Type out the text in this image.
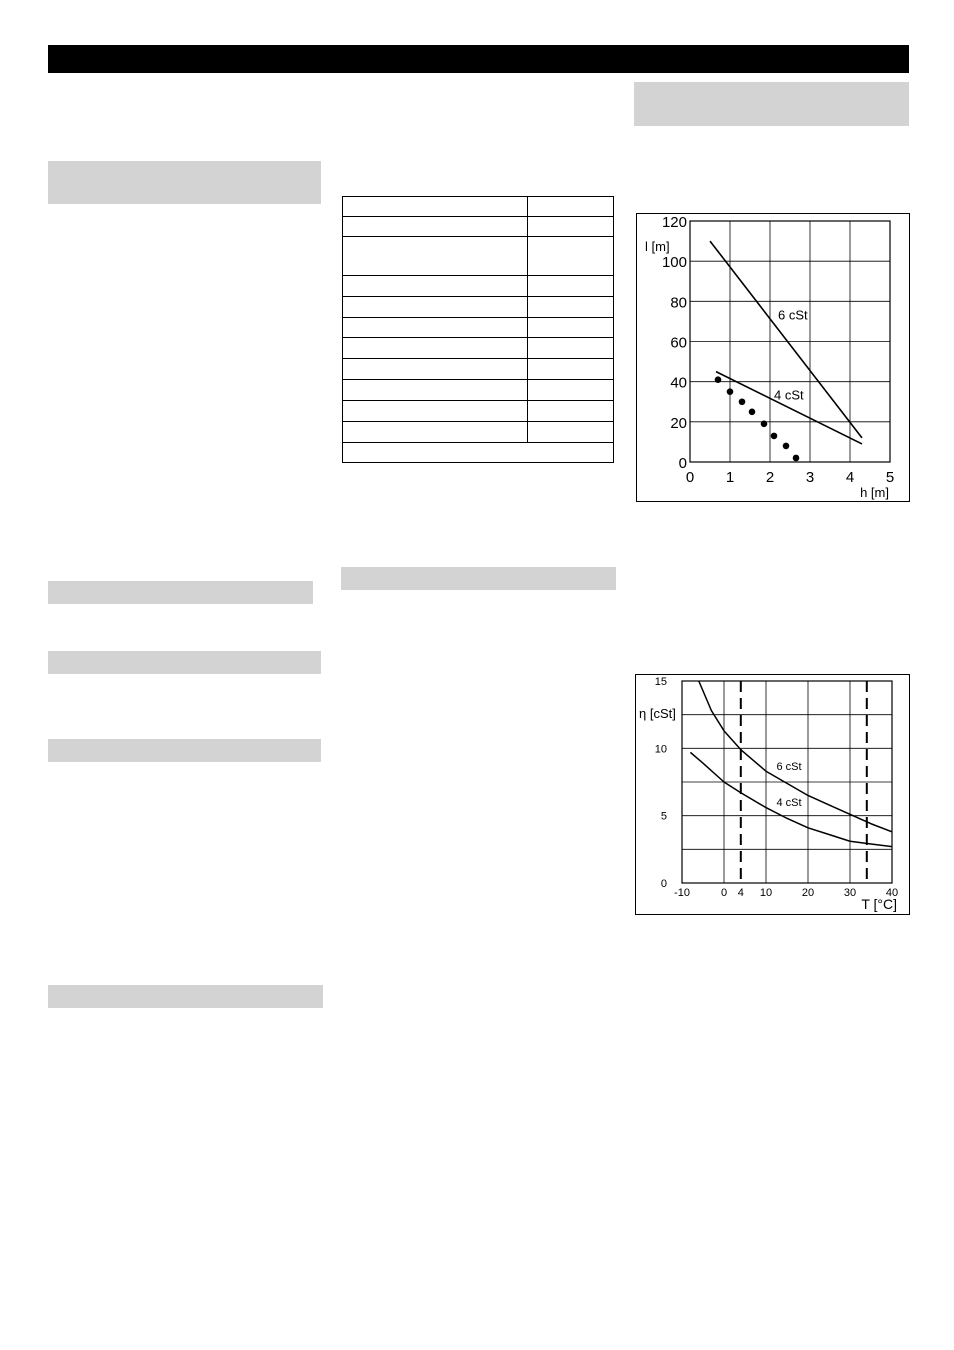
0 1 2 3 4 5
0
20
40
60
80
100
120
h [m]
l [m]
6 cSt
4 cSt
-10	0 4 10	20	30	40
0
5
10
15
T [°C]
η [cSt]
6 cSt
4 cSt
